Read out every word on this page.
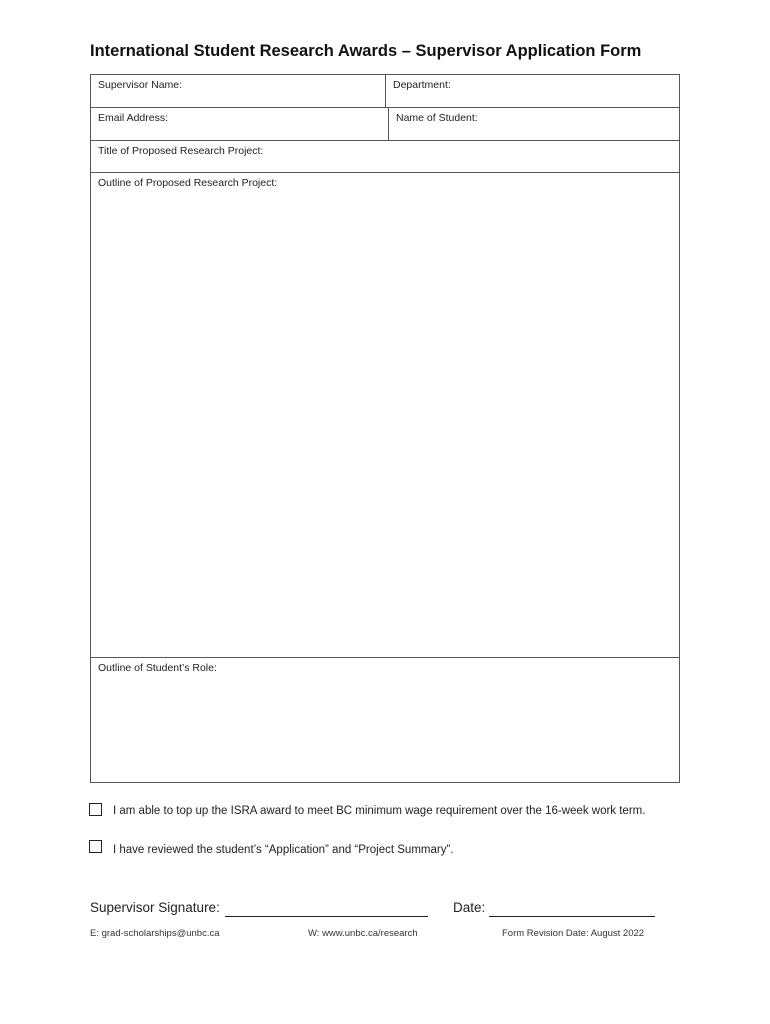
International Student Research Awards – Supervisor Application Form
Supervisor Name:	Department:
Email Address:	Name of Student:
Title of Proposed Research Project:
Outline of Proposed Research Project:
Outline of Student’s Role:
I am able to top up the ISRA award to meet BC minimum wage requirement over the 16-week work term.
I have reviewed the student’s “Application” and “Project Summary”.
Supervisor Signature:	Date:
E: grad-scholarships@unbc.ca	W: www.unbc.ca/research	Form Revision Date: August 2022
